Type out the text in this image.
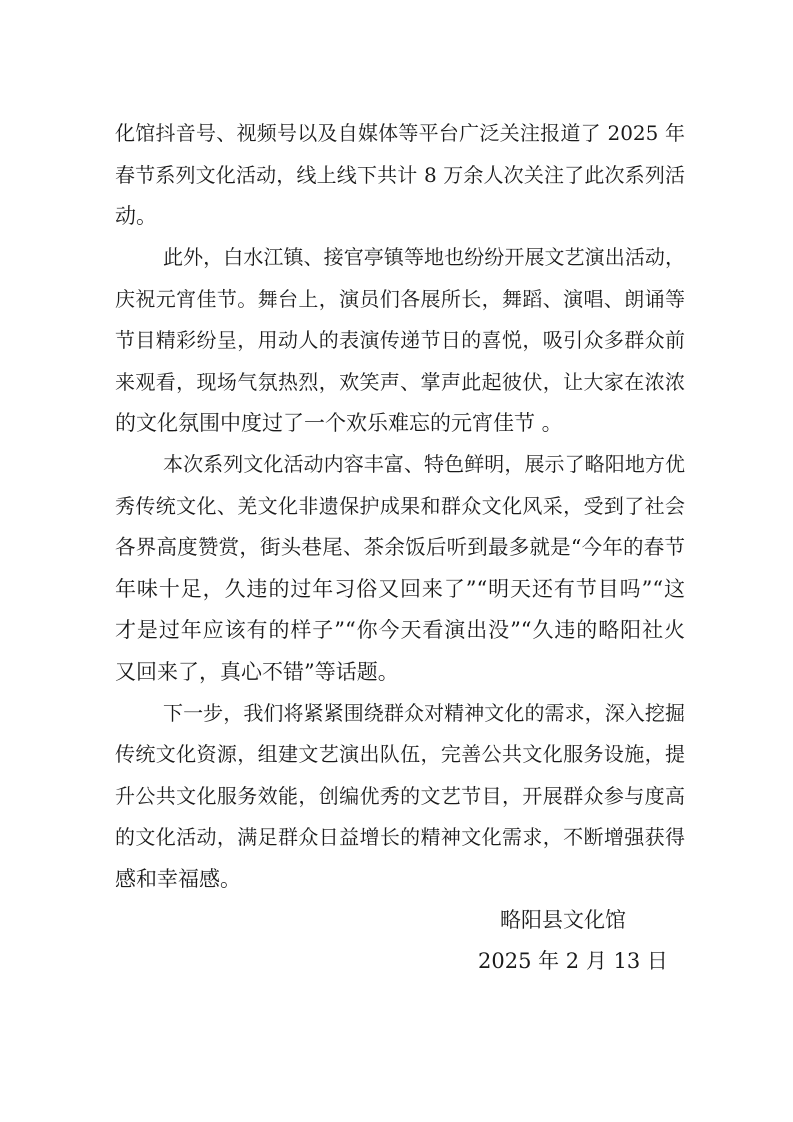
化馆抖音号、视频号以及自媒体等平台广泛关注报道了 2025 年
春节系列文化活动，线上线下共计 8 万余人次关注了此次系列活
动。
此外，白水江镇、接官亭镇等地也纷纷开展文艺演出活动，
庆祝元宵佳节。舞台上，演员们各展所长，舞蹈、演唱、朗诵等
节目精彩纷呈，用动人的表演传递节日的喜悦，吸引众多群众前
来观看，现场气氛热烈，欢笑声、掌声此起彼伏，让大家在浓浓
的文化氛围中度过了一个欢乐难忘的元宵佳节 。
本次系列文化活动内容丰富、特色鲜明，展示了略阳地方优
秀传统文化、羌文化非遗保护成果和群众文化风采，受到了社会
各界高度赞赏，街头巷尾、茶余饭后听到最多就是“今年的春节
年味十足，久违的过年习俗又回来了”“明天还有节目吗”“这
才是过年应该有的样子”“你今天看演出没”“久违的略阳社火
又回来了，真心不错”等话题。
下一步，我们将紧紧围绕群众对精神文化的需求，深入挖掘
传统文化资源，组建文艺演出队伍，完善公共文化服务设施，提
升公共文化服务效能，创编优秀的文艺节目，开展群众参与度高
的文化活动，满足群众日益增长的精神文化需求，不断增强获得
感和幸福感。
略阳县文化馆
2025 年 2 月 13 日
